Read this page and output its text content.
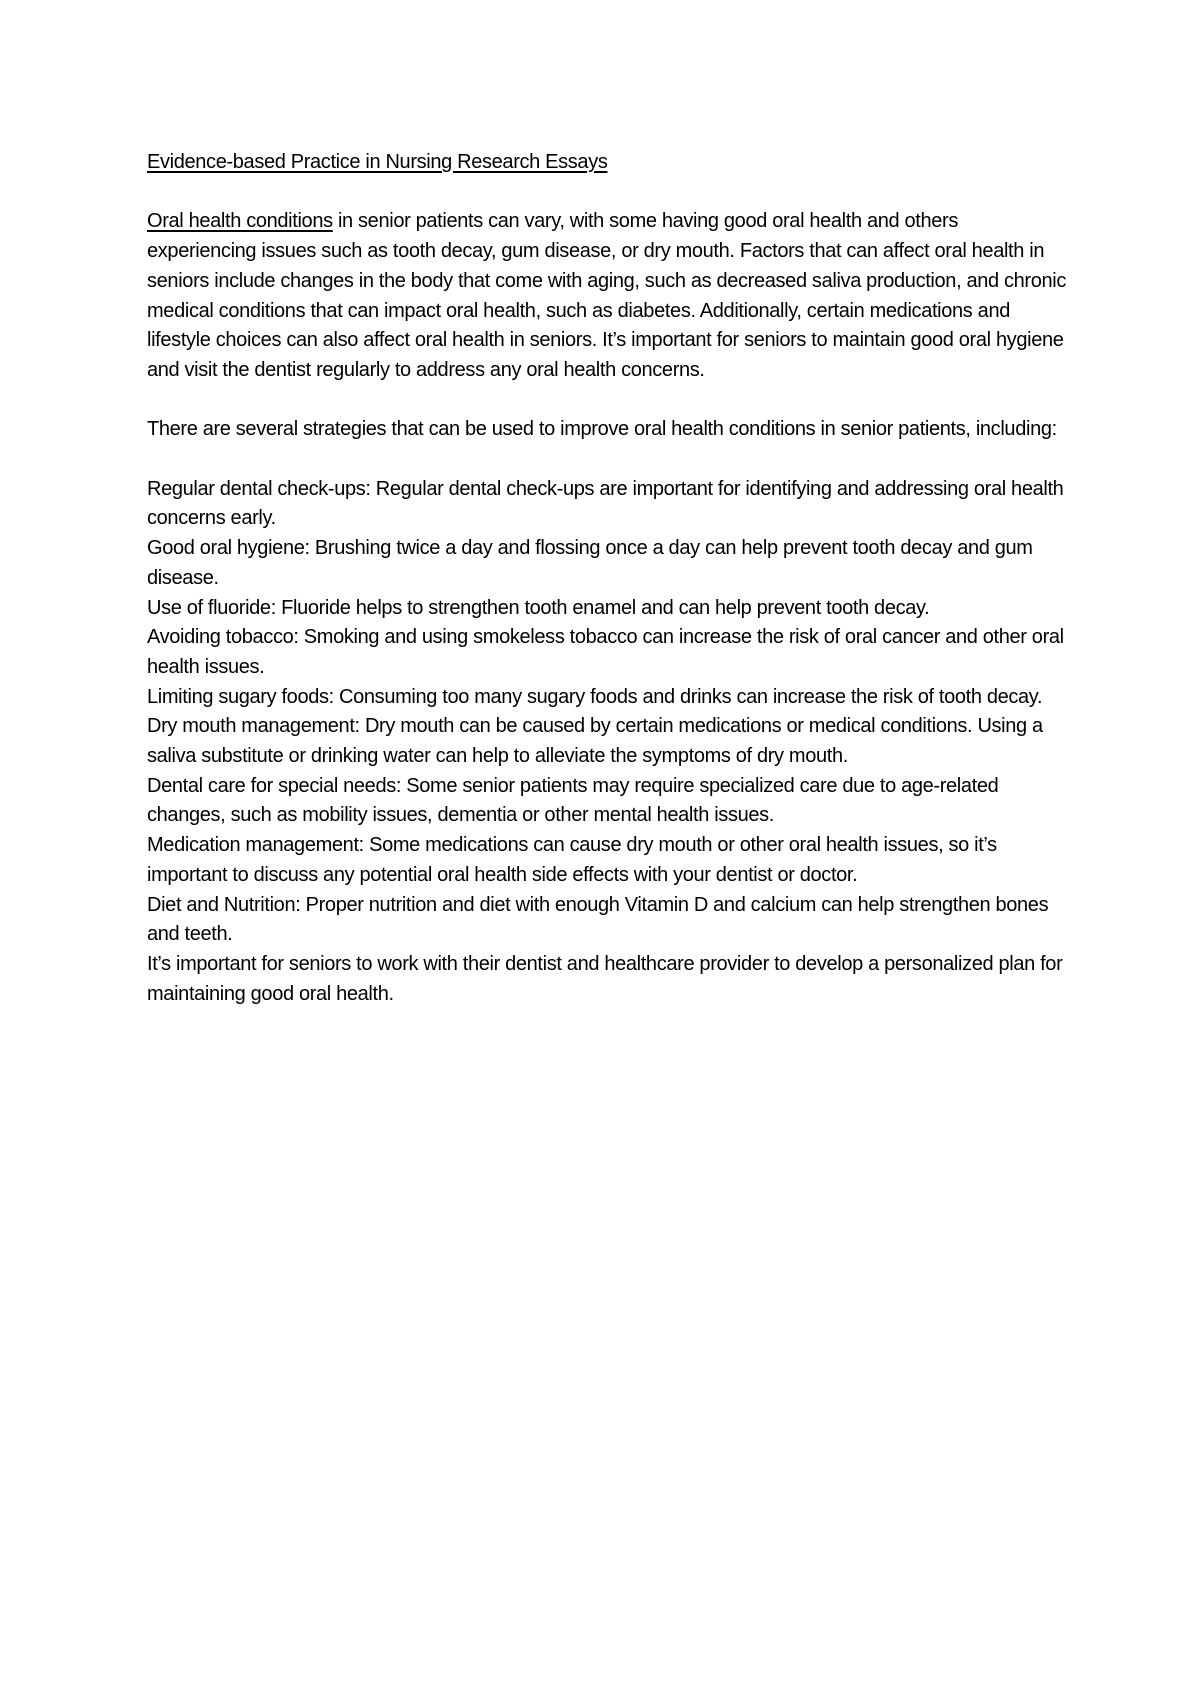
Evidence-based Practice in Nursing Research Essays

Oral health conditions in senior patients can vary, with some having good oral health and others experiencing issues such as tooth decay, gum disease, or dry mouth. Factors that can affect oral health in seniors include changes in the body that come with aging, such as decreased saliva production, and chronic medical conditions that can impact oral health, such as diabetes. Additionally, certain medications and lifestyle choices can also affect oral health in seniors. It’s important for seniors to maintain good oral hygiene and visit the dentist regularly to address any oral health concerns.

There are several strategies that can be used to improve oral health conditions in senior patients, including:

Regular dental check-ups: Regular dental check-ups are important for identifying and addressing oral health concerns early.
Good oral hygiene: Brushing twice a day and flossing once a day can help prevent tooth decay and gum disease.
Use of fluoride: Fluoride helps to strengthen tooth enamel and can help prevent tooth decay.
Avoiding tobacco: Smoking and using smokeless tobacco can increase the risk of oral cancer and other oral health issues.
Limiting sugary foods: Consuming too many sugary foods and drinks can increase the risk of tooth decay.
Dry mouth management: Dry mouth can be caused by certain medications or medical conditions. Using a saliva substitute or drinking water can help to alleviate the symptoms of dry mouth.
Dental care for special needs: Some senior patients may require specialized care due to age-related changes, such as mobility issues, dementia or other mental health issues.
Medication management: Some medications can cause dry mouth or other oral health issues, so it’s important to discuss any potential oral health side effects with your dentist or doctor.
Diet and Nutrition: Proper nutrition and diet with enough Vitamin D and calcium can help strengthen bones and teeth.

It’s important for seniors to work with their dentist and healthcare provider to develop a personalized plan for maintaining good oral health.
